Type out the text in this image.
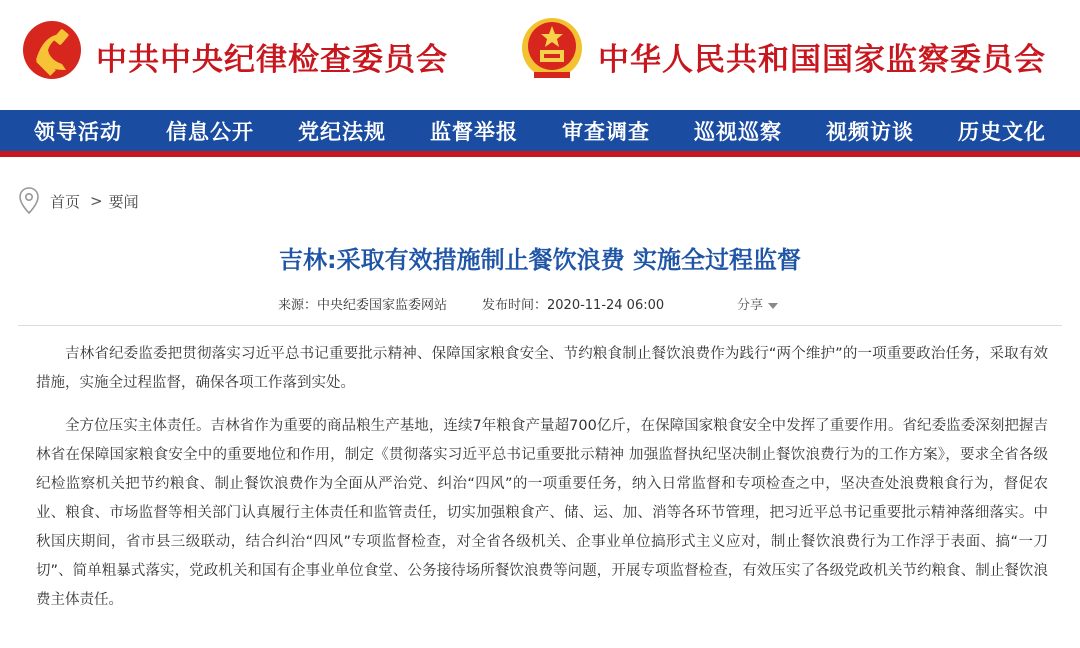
中共中央纪律检查委员会	中华人民共和国国家监察委员会
领导活动 信息公开 党纪法规 监督举报 审查调查 巡视巡察 视频访谈 历史文化
首页 > 要闻
吉林:采取有效措施制止餐饮浪费 实施全过程监督
来源：中央纪委国家监委网站	发布时间：2020-11-24 06:00	分享

吉林省纪委监委把贯彻落实习近平总书记重要批示精神、保障国家粮食安全、节约粮食制止餐饮浪费作为践行“两个维护”的一项重要政治任务，采取有效措施，实施全过程监督，确保各项工作落到实处。

全方位压实主体责任。吉林省作为重要的商品粮生产基地，连续7年粮食产量超700亿斤，在保障国家粮食安全中发挥了重要作用。省纪委监委深刻把握吉林省在保障国家粮食安全中的重要地位和作用，制定《贯彻落实习近平总书记重要批示精神 加强监督执纪坚决制止餐饮浪费行为的工作方案》，要求全省各级纪检监察机关把节约粮食、制止餐饮浪费作为全面从严治党、纠治“四风”的一项重要任务，纳入日常监督和专项检查之中，坚决查处浪费粮食行为，督促农业、粮食、市场监督等相关部门认真履行主体责任和监管责任，切实加强粮食产、储、运、加、消等各环节管理，把习近平总书记重要批示精神落细落实。中秋国庆期间，省市县三级联动，结合纠治“四风”专项监督检查，对全省各级机关、企事业单位搞形式主义应对，制止餐饮浪费行为工作浮于表面、搞“一刀切”、简单粗暴式落实，党政机关和国有企事业单位食堂、公务接待场所餐饮浪费等问题，开展专项监督检查，有效压实了各级党政机关节约粮食、制止餐饮浪费主体责任。
